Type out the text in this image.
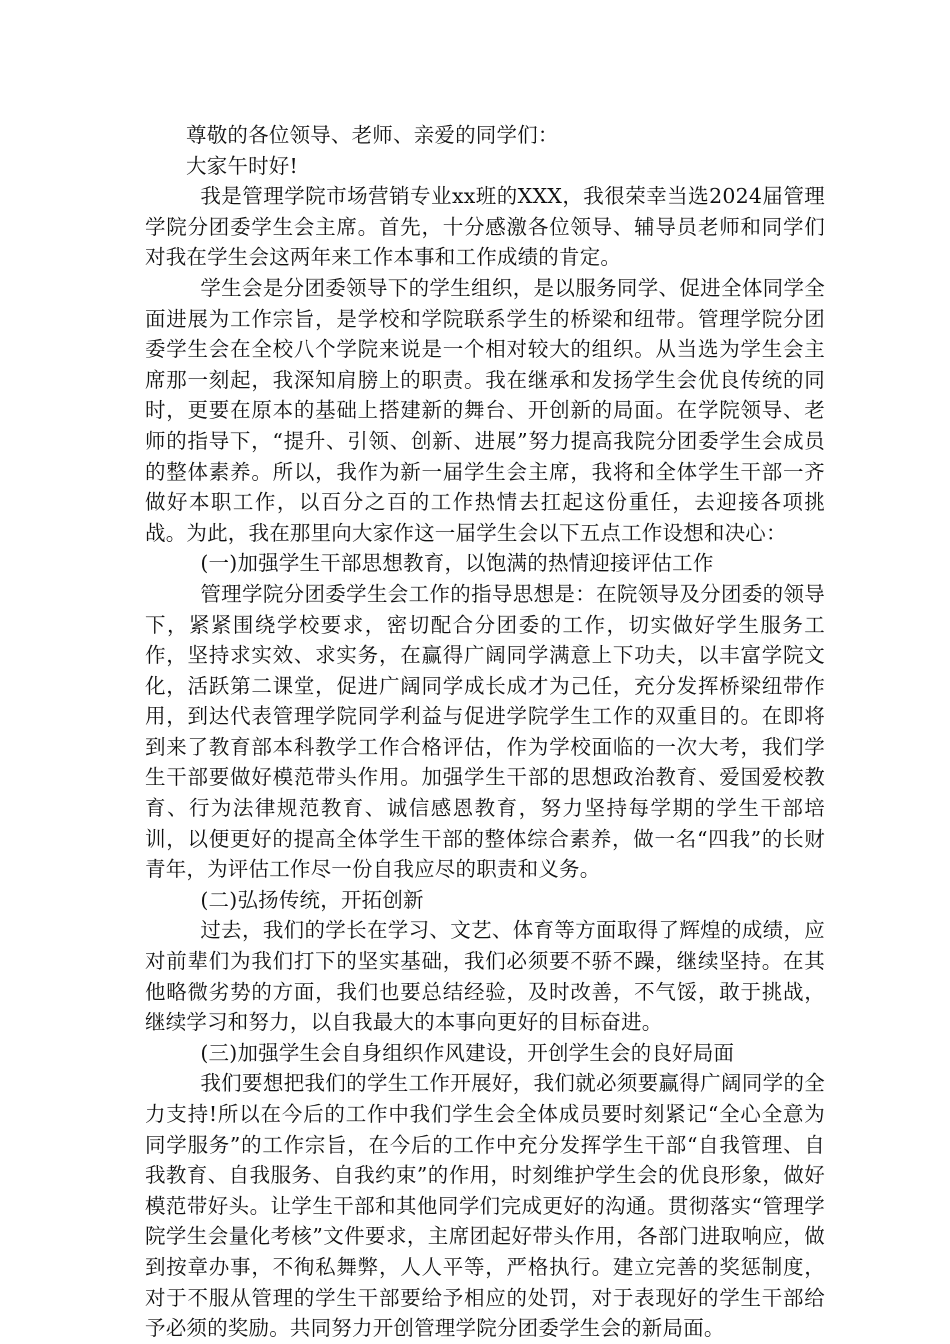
尊敬的各位领导、老师、亲爱的同学们：

大家午时好!

我是管理学院市场营销专业xx班的XXX，我很荣幸当选2024届管理学院分团委学生会主席。首先，十分感激各位领导、辅导员老师和同学们对我在学生会这两年来工作本事和工作成绩的肯定。

学生会是分团委领导下的学生组织，是以服务同学、促进全体同学全面进展为工作宗旨，是学校和学院联系学生的桥梁和纽带。管理学院分团委学生会在全校八个学院来说是一个相对较大的组织。从当选为学生会主席那一刻起，我深知肩膀上的职责。我在继承和发扬学生会优良传统的同时，更要在原本的基础上搭建新的舞台、开创新的局面。在学院领导、老师的指导下，“提升、引领、创新、进展”努力提高我院分团委学生会成员的整体素养。所以，我作为新一届学生会主席，我将和全体学生干部一齐做好本职工作，以百分之百的工作热情去扛起这份重任，去迎接各项挑战。为此，我在那里向大家作这一届学生会以下五点工作设想和决心：

(一)加强学生干部思想教育，以饱满的热情迎接评估工作

管理学院分团委学生会工作的指导思想是：在院领导及分团委的领导下，紧紧围绕学校要求，密切配合分团委的工作，切实做好学生服务工作，坚持求实效、求实务，在赢得广阔同学满意上下功夫，以丰富学院文化，活跃第二课堂，促进广阔同学成长成才为己任，充分发挥桥梁纽带作用，到达代表管理学院同学利益与促进学院学生工作的双重目的。在即将到来了教育部本科教学工作合格评估，作为学校面临的一次大考，我们学生干部要做好模范带头作用。加强学生干部的思想政治教育、爱国爱校教育、行为法律规范教育、诚信感恩教育，努力坚持每学期的学生干部培训，以便更好的提高全体学生干部的整体综合素养，做一名“四我”的长财青年，为评估工作尽一份自我应尽的职责和义务。

(二)弘扬传统，开拓创新

过去，我们的学长在学习、文艺、体育等方面取得了辉煌的成绩，应对前辈们为我们打下的坚实基础，我们必须要不骄不躁，继续坚持。在其他略微劣势的方面，我们也要总结经验，及时改善，不气馁，敢于挑战，继续学习和努力，以自我最大的本事向更好的目标奋进。

(三)加强学生会自身组织作风建设，开创学生会的良好局面

我们要想把我们的学生工作开展好，我们就必须要赢得广阔同学的全力支持!所以在今后的工作中我们学生会全体成员要时刻紧记“全心全意为同学服务”的工作宗旨，在今后的工作中充分发挥学生干部“自我管理、自我教育、自我服务、自我约束”的作用，时刻维护学生会的优良形象，做好模范带好头。让学生干部和其他同学们完成更好的沟通。贯彻落实“管理学院学生会量化考核”文件要求，主席团起好带头作用，各部门进取响应，做到按章办事，不徇私舞弊，人人平等，严格执行。建立完善的奖惩制度，对于不服从管理的学生干部要给予相应的处罚，对于表现好的学生干部给予必须的奖励。共同努力开创管理学院分团委学生会的新局面。
